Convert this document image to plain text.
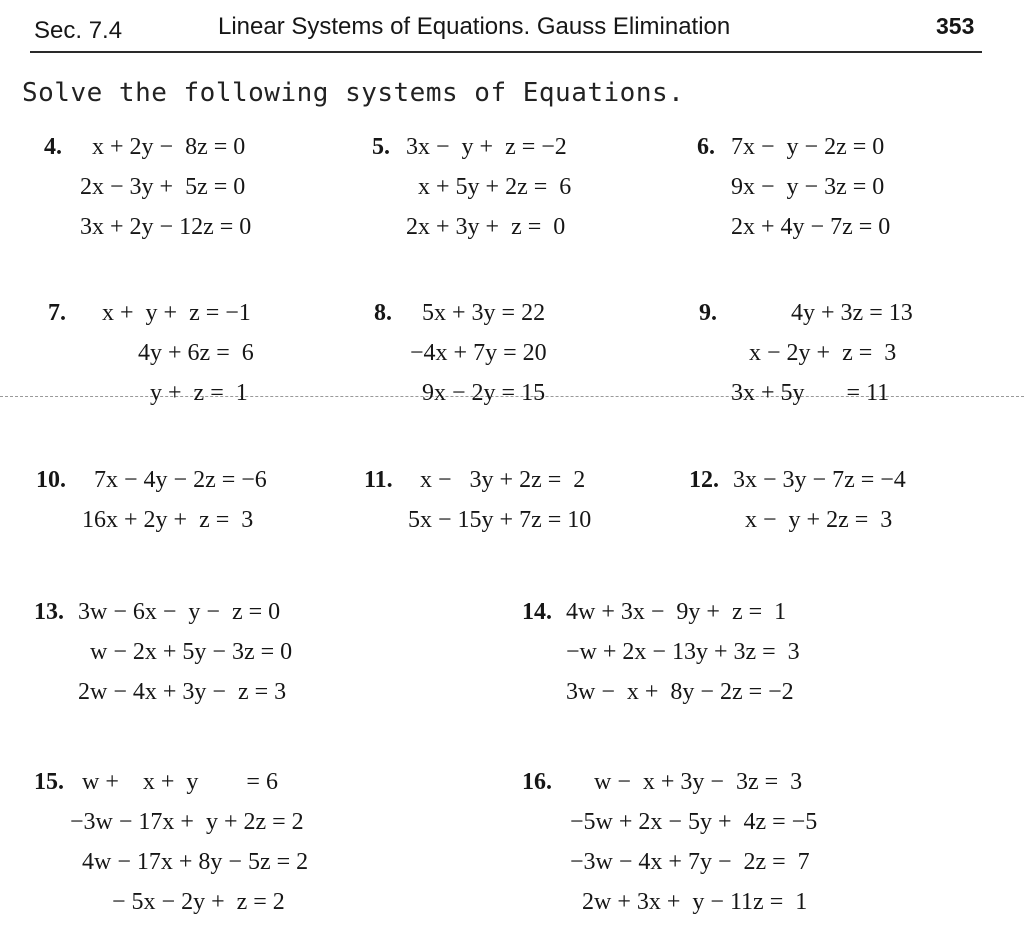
Sec. 7.4	Linear Systems of Equations. Gauss Elimination	353
Solve the following systems of Equations.
4. x + 2y −  8z = 0
2x − 3y +  5z = 0
3x + 2y − 12z = 0
5. 3x −  y +  z = −2
x + 5y + 2z =  6
2x + 3y +  z =  0
6. 7x −  y − 2z = 0
9x −  y − 3z = 0
2x + 4y − 7z = 0
7. x +  y +  z = −1
4y + 6z =  6
y +  z =  1
8. 5x + 3y = 22
−4x + 7y = 20
9x − 2y = 15
9. 4y + 3z = 13
x − 2y +  z =  3
3x + 5y       = 11
10. 7x − 4y − 2z = −6
16x + 2y +  z =  3
11. x −   3y + 2z =  2
5x − 15y + 7z = 10
12. 3x − 3y − 7z = −4
x −  y + 2z =  3
13. 3w − 6x −  y −  z = 0
w − 2x + 5y − 3z = 0
2w − 4x + 3y −  z = 3
14. 4w + 3x −  9y +  z =  1
−w + 2x − 13y + 3z =  3
3w −  x +  8y − 2z = −2
15. w +    x +  y        = 6
−3w − 17x +  y + 2z = 2
4w − 17x + 8y − 5z = 2
− 5x − 2y +  z = 2
16. w −  x + 3y −  3z =  3
−5w + 2x − 5y +  4z = −5
−3w − 4x + 7y −  2z =  7
2w + 3x +  y − 11z =  1
